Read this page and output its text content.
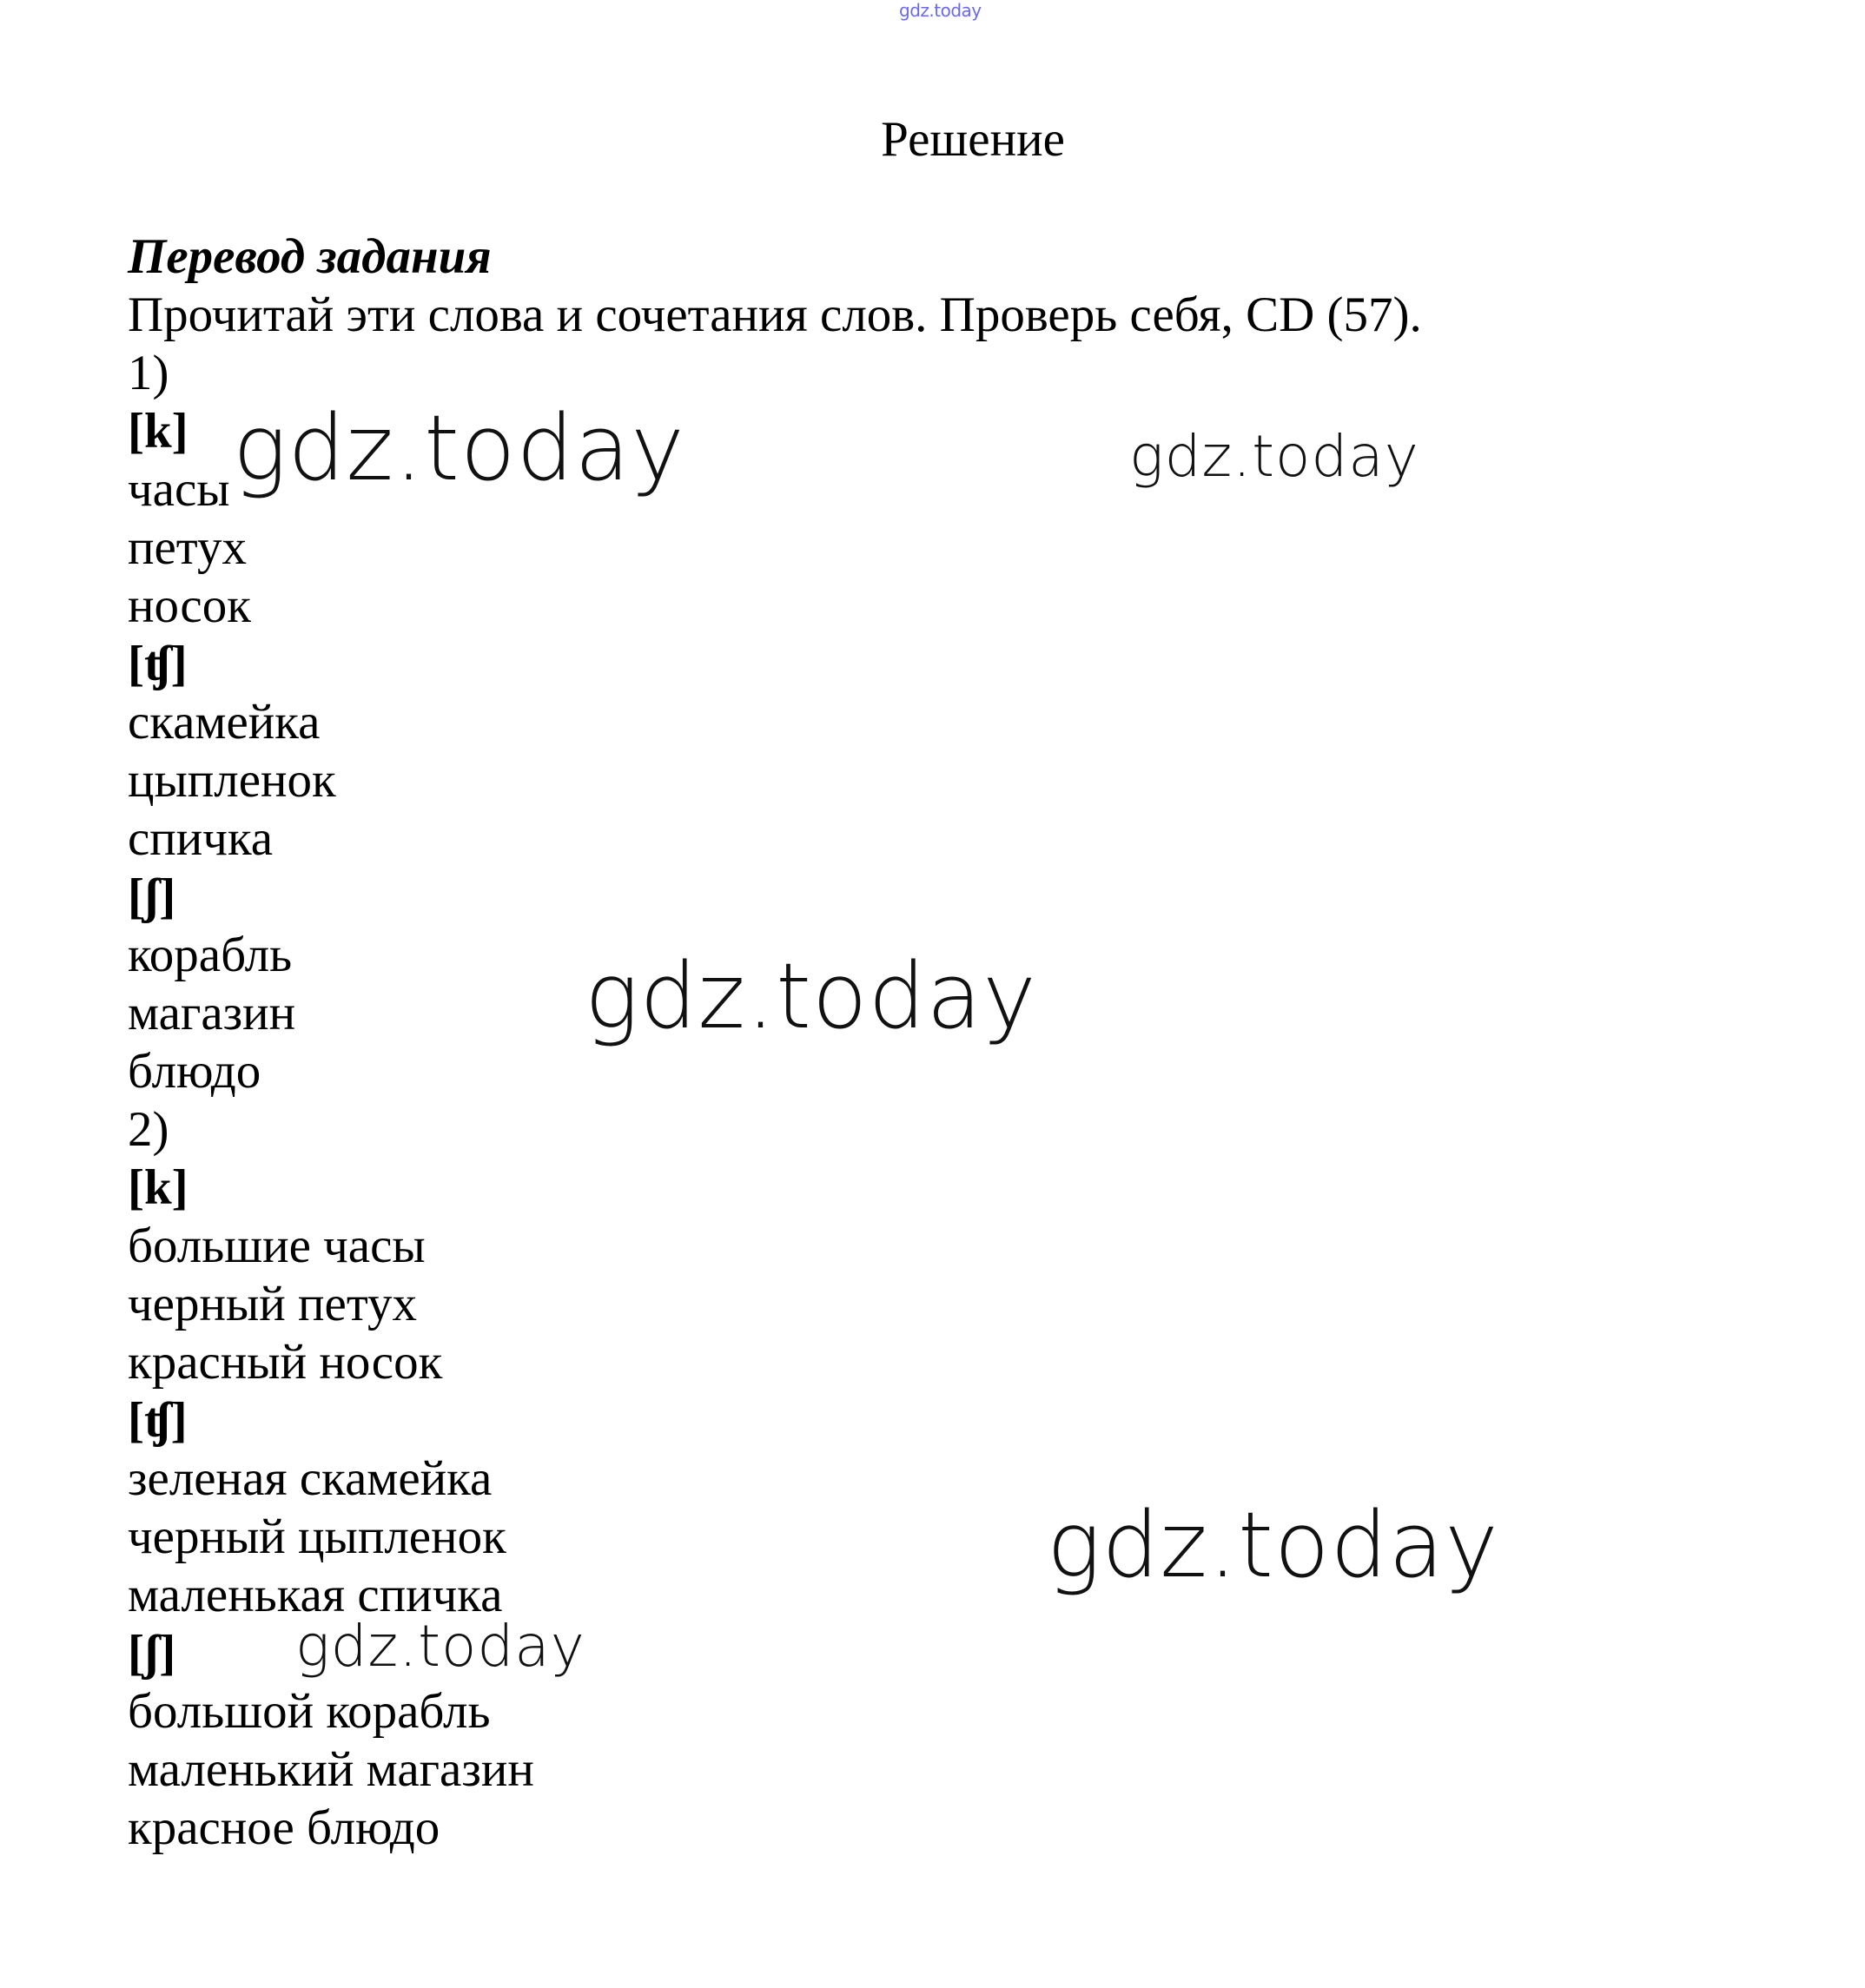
gdz.today
Решение
Перевод задания
Прочитай эти слова и сочетания слов. Проверь себя, CD (57).
1)
[k]
часы
петух
носок
[ʧ]
скамейка
цыпленок
спичка
[ʃ]
корабль
магазин
блюдо
2)
[k]
большие часы
черный петух
красный носок
[ʧ]
зеленая скамейка
черный цыпленок
маленькая спичка
[ʃ]
большой корабль
маленький магазин
красное блюдо
gdz.today	gdz.today
gdz.today
gdz.today
gdz.today
